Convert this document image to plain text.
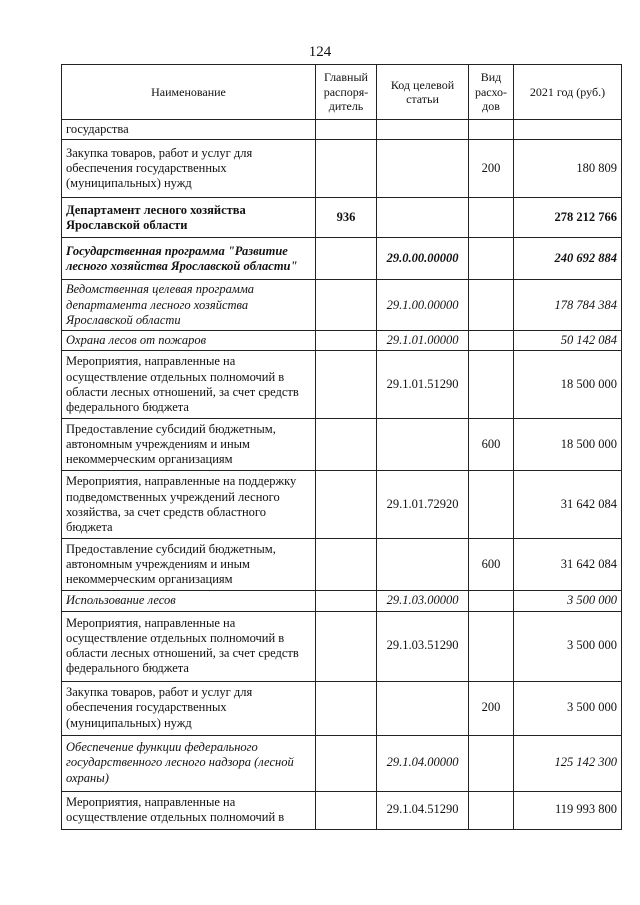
124
Наименование	Главный распоря-дитель	Код целевой статьи	Вид расхо-дов	2021 год (руб.)
государства				
Закупка товаров, работ и услуг для обеспечения государственных (муниципальных) нужд			200	180 809
Департамент лесного хозяйства Ярославской области	936			278 212 766
Государственная программа "Развитие лесного хозяйства Ярославской области"		29.0.00.00000		240 692 884
Ведомственная целевая программа департамента лесного хозяйства Ярославской области		29.1.00.00000		178 784 384
Охрана лесов от пожаров		29.1.01.00000		50 142 084
Мероприятия, направленные на осуществление отдельных полномочий в области лесных отношений, за счет средств федерального бюджета		29.1.01.51290		18 500 000
Предоставление субсидий бюджетным, автономным учреждениям и иным некоммерческим организациям			600	18 500 000
Мероприятия, направленные на поддержку подведомственных учреждений лесного хозяйства, за счет средств областного бюджета		29.1.01.72920		31 642 084
Предоставление субсидий бюджетным, автономным учреждениям и иным некоммерческим организациям			600	31 642 084
Использование лесов		29.1.03.00000		3 500 000
Мероприятия, направленные на осуществление отдельных полномочий в области лесных отношений, за счет средств федерального бюджета		29.1.03.51290		3 500 000
Закупка товаров, работ и услуг для обеспечения государственных (муниципальных) нужд			200	3 500 000
Обеспечение функции федерального государственного лесного надзора (лесной охраны)		29.1.04.00000		125 142 300
Мероприятия, направленные на осуществление отдельных полномочий в		29.1.04.51290		119 993 800
